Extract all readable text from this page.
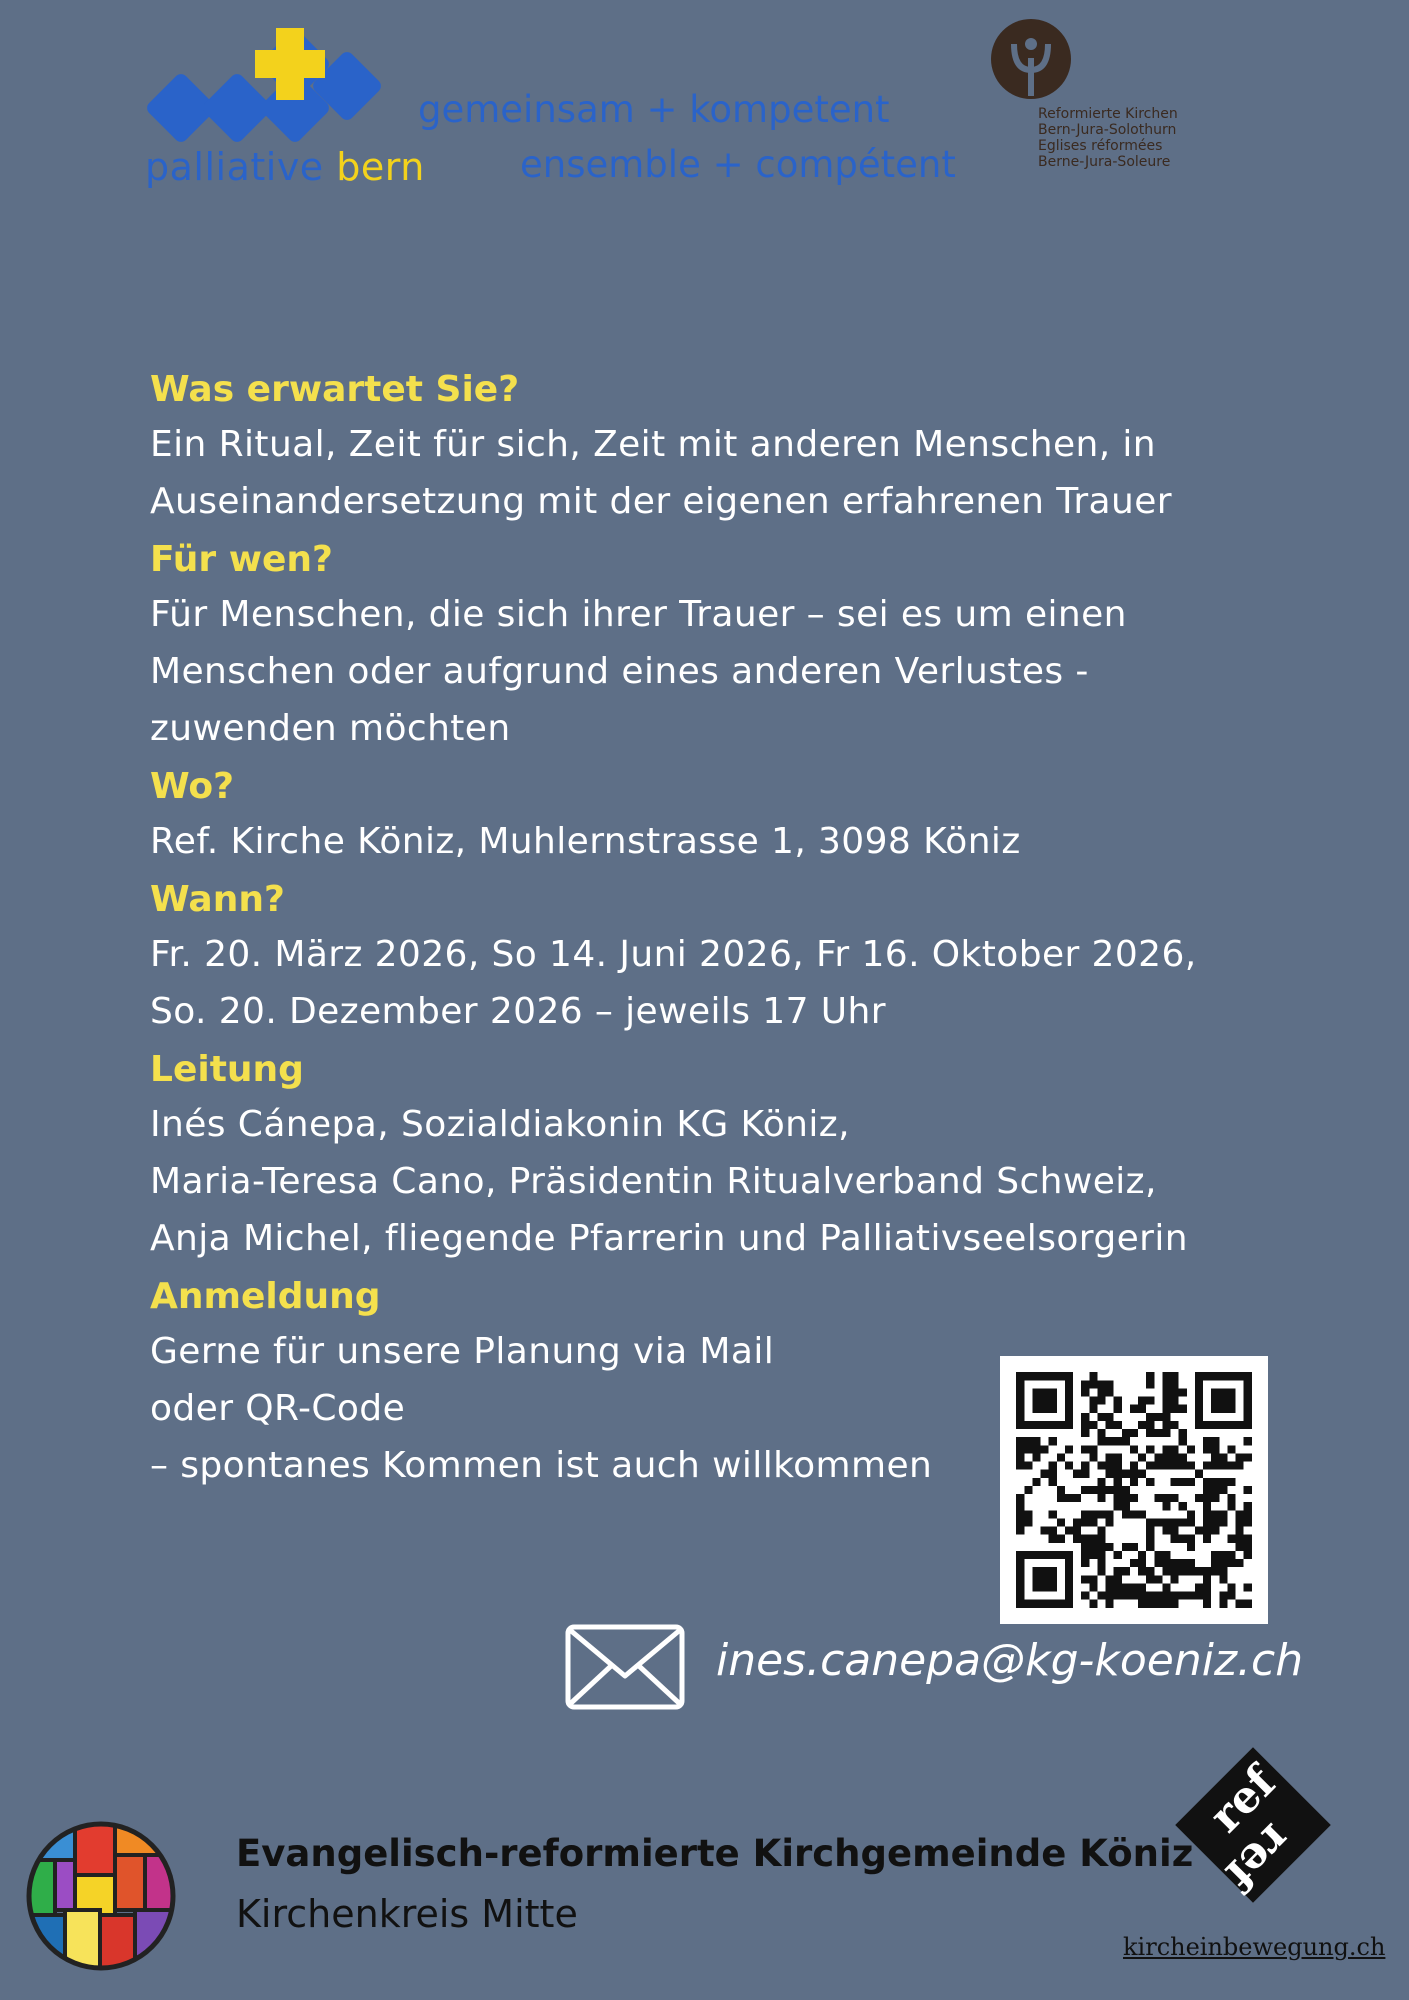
palliative bern
gemeinsam + kompetent
ensemble + compétent
Reformierte Kirchen
Bern-Jura-Solothurn
Eglises réformées
Berne-Jura-Soleure

Was erwartet Sie?

Ein Ritual, Zeit für sich, Zeit mit anderen Menschen, in
Auseinandersetzung mit der eigenen erfahrenen Trauer

Für wen?

Für Menschen, die sich ihrer Trauer – sei es um einen
Menschen oder aufgrund eines anderen Verlustes -
zuwenden möchten

Wo?

Ref. Kirche Köniz, Muhlernstrasse 1, 3098 Köniz

Wann?

Fr. 20. März 2026, So 14. Juni 2026, Fr 16. Oktober 2026,
So. 20. Dezember 2026 – jeweils 17 Uhr

Leitung

Inés Cánepa, Sozialdiakonin KG Köniz,
Maria-Teresa Cano, Präsidentin Ritualverband Schweiz,
Anja Michel, fliegende Pfarrerin und Palliativseelsorgerin

Anmeldung

Gerne für unsere Planung via Mail
oder QR-Code
– spontanes Kommen ist auch willkommen
ines.canepa@kg-koeniz.ch
Evangelisch-reformierte Kirchgemeinde Köniz
Kirchenkreis Mitte
ref
ref
kircheinbewegung.ch
